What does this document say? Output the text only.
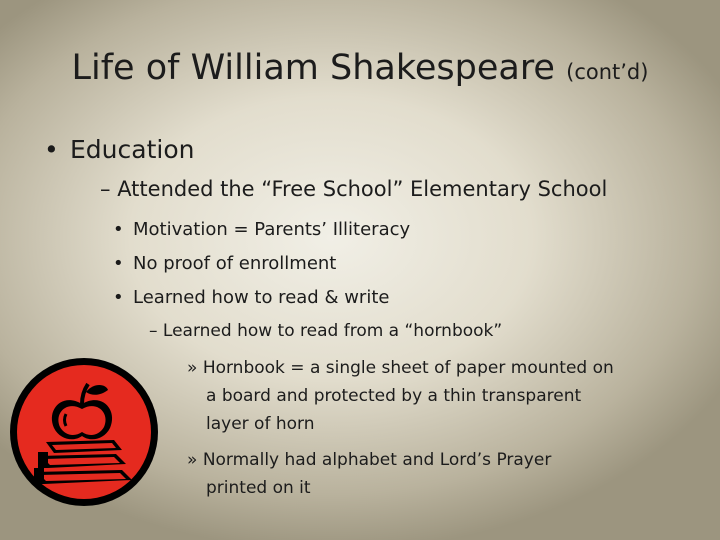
Life of William Shakespeare (cont’d)
• Education
– Attended the “Free School” Elementary School
• Motivation = Parents’ Illiteracy
• No proof of enrollment
• Learned how to read & write
– Learned how to read from a “hornbook”
» Hornbook = a single sheet of paper mounted on
a board and protected by a thin transparent
layer of horn
» Normally had alphabet and Lord’s Prayer
printed on it
